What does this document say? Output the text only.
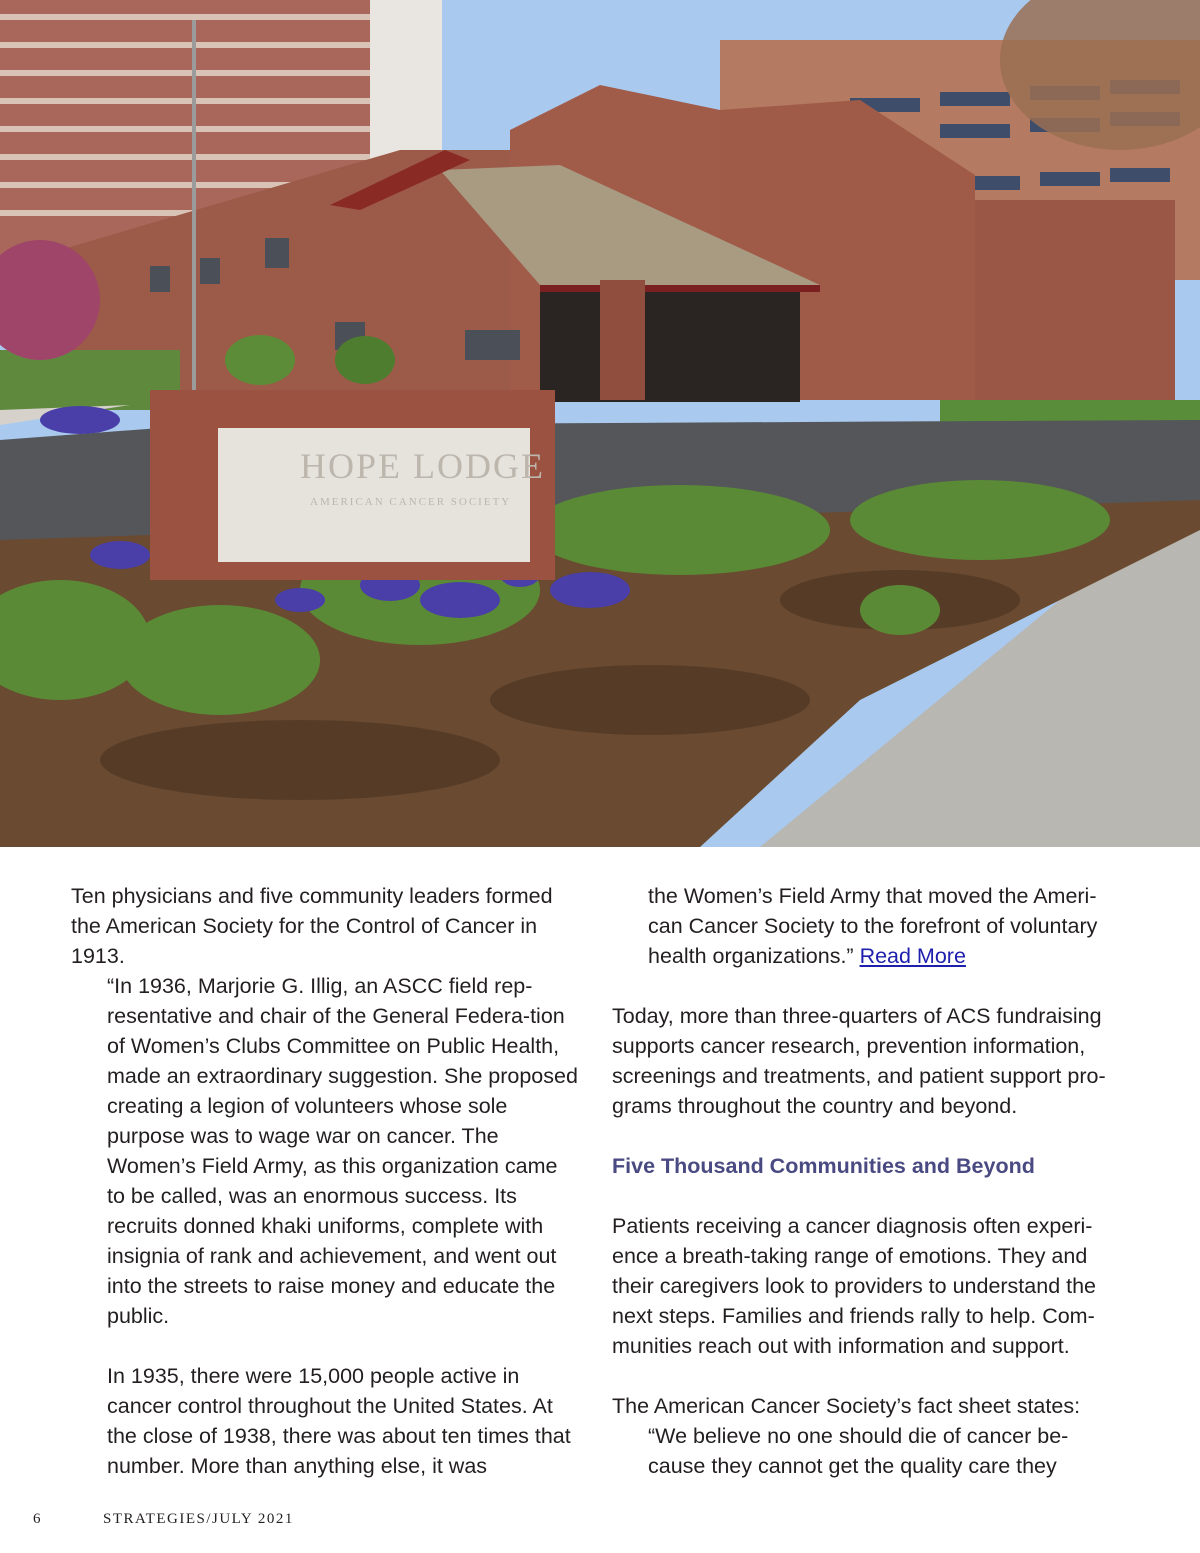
HOPE LODGE
AMERICAN CANCER SOCIETY

Ten physicians and five community leaders formed the American Society for the Control of Cancer in 1913.

“In 1936, Marjorie G. Illig, an ASCC field rep-resentative and chair of the General Federa-tion of Women’s Clubs Committee on Public Health, made an extraordinary suggestion. She proposed creating a legion of volunteers whose sole purpose was to wage war on cancer. The Women’s Field Army, as this organization came to be called, was an enormous success. Its recruits donned khaki uniforms, complete with insignia of rank and achievement, and went out into the streets to raise money and educate the public.

In 1935, there were 15,000 people active in cancer control throughout the United States. At the close of 1938, there was about ten times that number. More than anything else, it was

the Women’s Field Army that moved the Ameri-can Cancer Society to the forefront of voluntary health organizations.” Read More

Today, more than three-quarters of ACS fundraising supports cancer research, prevention information, screenings and treatments, and patient support pro-grams throughout the country and beyond.

Five Thousand Communities and Beyond

Patients receiving a cancer diagnosis often experi-ence a breath-taking range of emotions. They and their caregivers look to providers to understand the next steps. Families and friends rally to help. Com-munities reach out with information and support.

The American Cancer Society’s fact sheet states:

“We believe no one should die of cancer be-cause they cannot get the quality care they

6	STRATEGIES/JULY 2021
